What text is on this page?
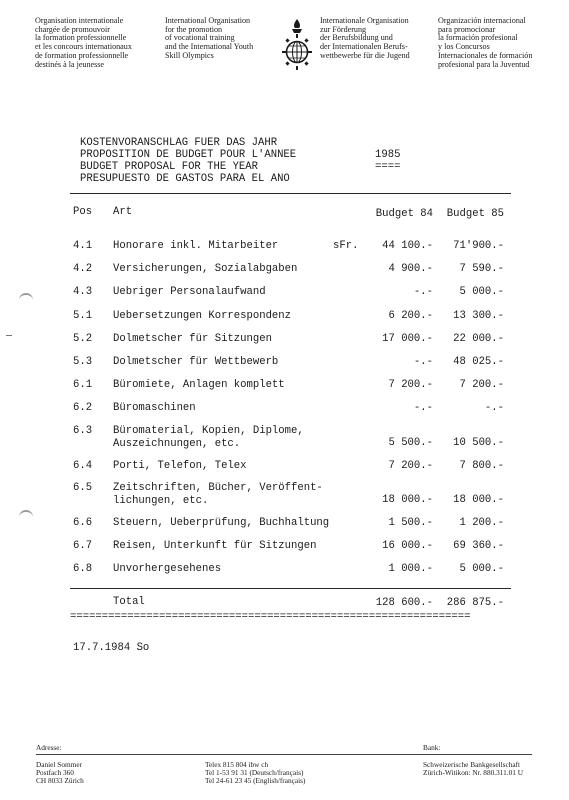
Organisation internationale
chargée de promouvoir
la formation professionnelle
et les concours internationaux
de formation professionnelle
destinés à la jeunesse
International Organisation
for the promotion
of vocational training
and the International Youth
Skill Olympics
Internationale Organisation
zur Förderung
der Berufsbildung und
der Internationalen Berufs-
wettbewerbe für die Jugend
Organización internacional
para promocionar
la formación profesional
y los Concursos
Internacionales de formación
profesional para la Juventud
KOSTENVORANSCHLAG FUER DAS JAHR
PROPOSITION DE BUDGET POUR L'ANNEE
BUDGET PROPOSAL FOR THE YEAR
PRESUPUESTO DE GASTOS PARA EL ANO
1985
====
Pos Art	Budget 84	Budget 85
4.1 Honorare inkl. Mitarbeiter	sFr.	44 100.-	71'900.-
4.2 Versicherungen, Sozialabgaben	4 900.-	7 590.-
4.3 Uebriger Personalaufwand	-.-	5 000.-
5.1 Uebersetzungen Korrespondenz	6 200.-	13 300.-
5.2 Dolmetscher für Sitzungen	17 000.-	22 000.-
5.3 Dolmetscher für Wettbewerb	-.-	48 025.-
6.1 Büromiete, Anlagen komplett	7 200.-	7 200.-
6.2 Büromaschinen	-.-	-.-
6.3 Büromaterial, Kopien, Diplome,
Auszeichnungen, etc.	5 500.-	10 500.-
6.4 Porti, Telefon, Telex	7 200.-	7 800.-
6.5 Zeitschriften, Bücher, Veröffent-
lichungen, etc.	18 000.-	18 000.-
6.6 Steuern, Ueberprüfung, Buchhaltung	1 500.-	1 200.-
6.7 Reisen, Unterkunft für Sitzungen	16 000.-	69 360.-
6.8 Unvorhergesehenes	1 000.-	5 000.-
Total	128 600.-	286 875.-
===============================================================
17.7.1984 So
Adresse:	Bank:
Daniel Sommer
Postfach 360
CH 8033 Zürich
Telex 815 804 ibw ch
Tel 1-53 91 31 (Deutsch/français)
Tel 24-61 23 45 (English/français)
Schweizerische Bankgesellschaft
Zürich-Witikon: Nr. 880.311.01 U
